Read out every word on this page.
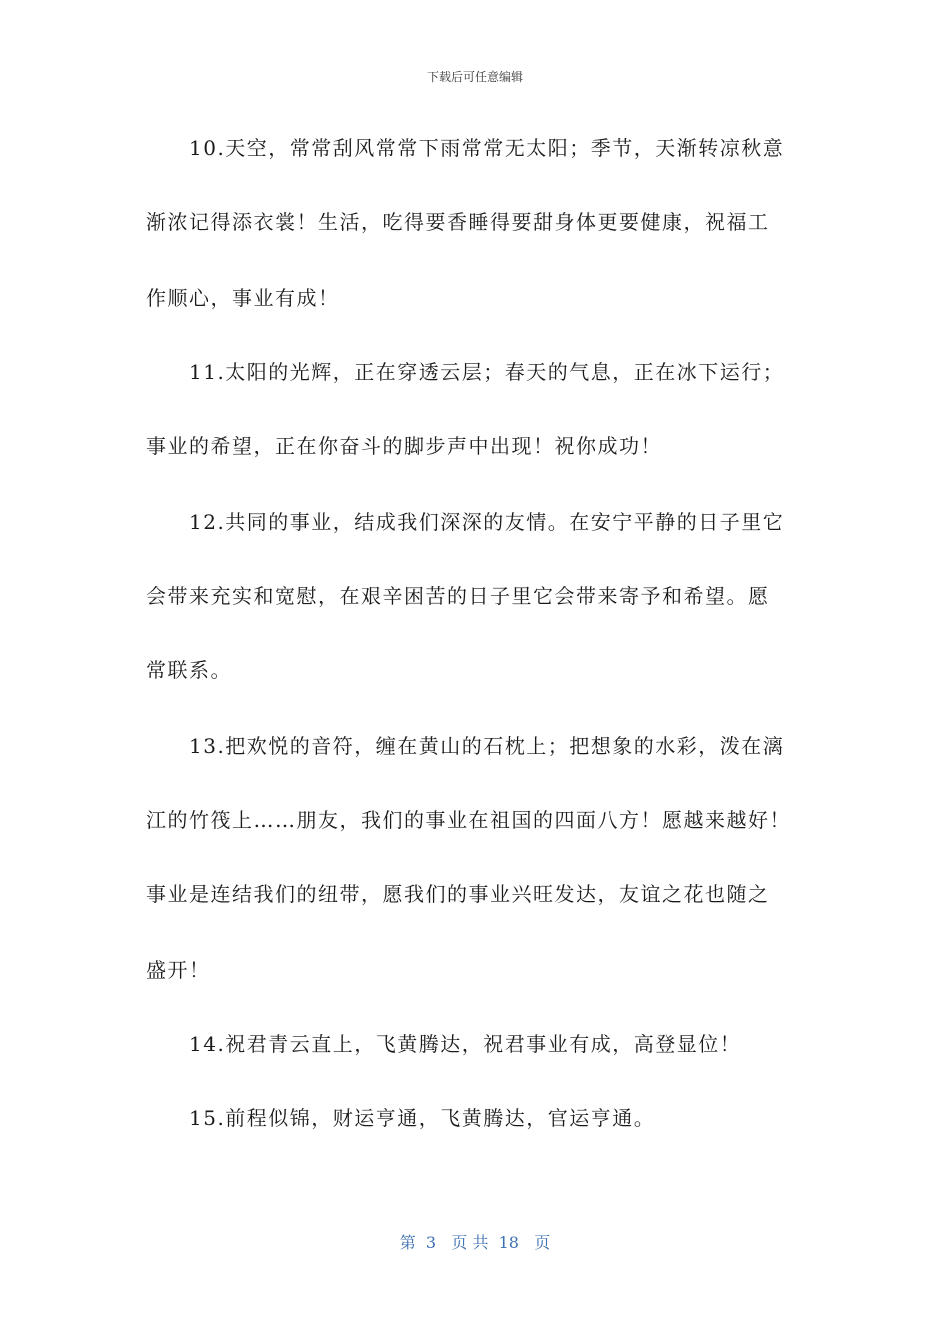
下载后可任意编辑
10.天空，常常刮风常常下雨常常无太阳；季节，天渐转凉秋意
渐浓记得添衣裳！生活，吃得要香睡得要甜身体更要健康，祝福工
作顺心，事业有成！
11.太阳的光辉，正在穿透云层；春天的气息，正在冰下运行；
事业的希望，正在你奋斗的脚步声中出现！祝你成功！
12.共同的事业，结成我们深深的友情。在安宁平静的日子里它
会带来充实和宽慰，在艰辛困苦的日子里它会带来寄予和希望。愿
常联系。
13.把欢悦的音符，缠在黄山的石枕上；把想象的水彩，泼在漓
江的竹筏上……朋友，我们的事业在祖国的四面八方！愿越来越好！
事业是连结我们的纽带，愿我们的事业兴旺发达，友谊之花也随之
盛开！
14.祝君青云直上，飞黄腾达，祝君事业有成，高登显位！
15.前程似锦，财运亨通，飞黄腾达，官运亨通。
第  3   页 共  18   页
